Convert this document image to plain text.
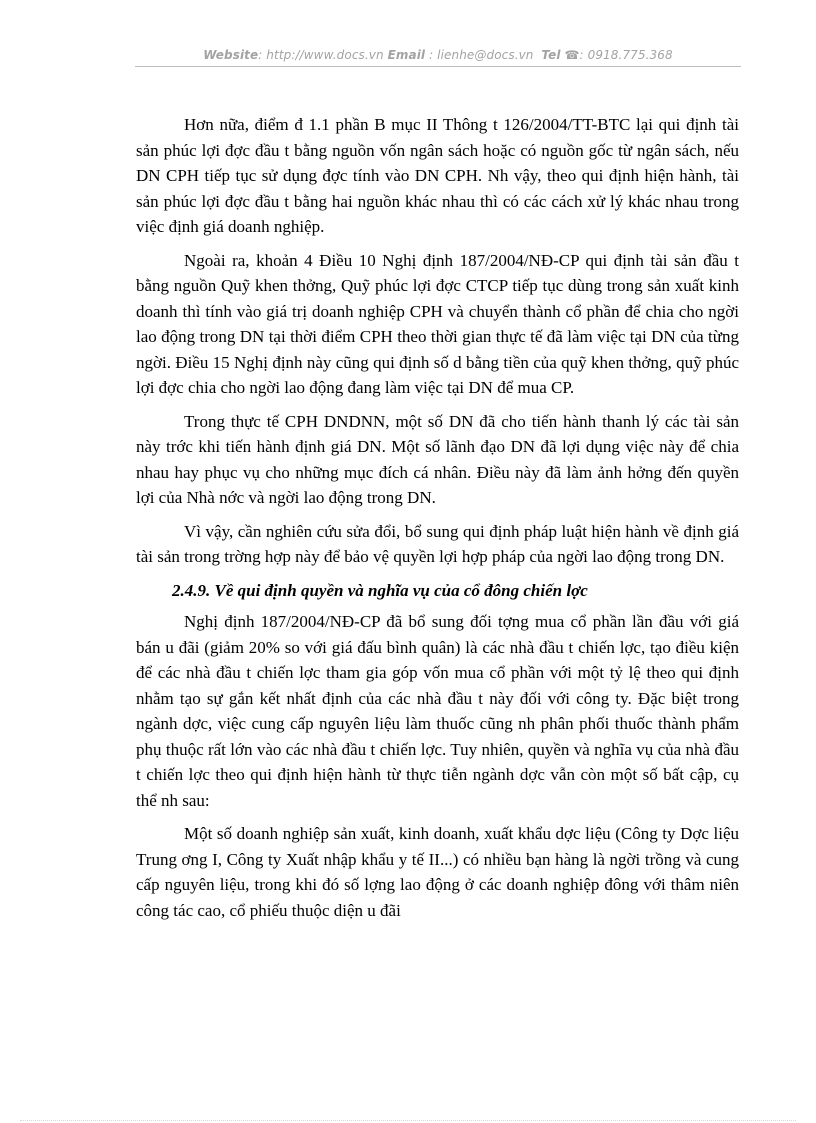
Website: http://www.docs.vn Email : lienhe@docs.vn Tel ☎: 0918.775.368

Hơn nữa, điểm đ 1.1 phần B mục II Thông t 126/2004/TT-BTC lại qui định tài sản phúc lợi đợc đầu t bằng nguồn vốn ngân sách hoặc có nguồn gốc từ ngân sách, nếu DN CPH tiếp tục sử dụng đợc tính vào DN CPH. Nh vậy, theo qui định hiện hành, tài sản phúc lợi đợc đầu t bằng hai nguồn khác nhau thì có các cách xử lý khác nhau trong việc định giá doanh nghiệp.

Ngoài ra, khoản 4 Điều 10 Nghị định 187/2004/NĐ-CP qui định tài sản đầu t bằng nguồn Quỹ khen thởng, Quỹ phúc lợi đợc CTCP tiếp tục dùng trong sản xuất kinh doanh thì tính vào giá trị doanh nghiệp CPH và chuyển thành cổ phần để chia cho ngời lao động trong DN tại thời điểm CPH theo thời gian thực tế đã làm việc tại DN của từng ngời. Điều 15 Nghị định này cũng qui định số d bằng tiền của quỹ khen thởng, quỹ phúc lợi đợc chia cho ngời lao động đang làm việc tại DN để mua CP.

Trong thực tế CPH DNDNN, một số DN đã cho tiến hành thanh lý các tài sản này trớc khi tiến hành định giá DN. Một số lãnh đạo DN đã lợi dụng việc này để chia nhau hay phục vụ cho những mục đích cá nhân. Điều này đã làm ảnh hởng đến quyền lợi của Nhà nớc và ngời lao động trong DN.

Vì vậy, cần nghiên cứu sửa đổi, bổ sung qui định pháp luật hiện hành về định giá tài sản trong trờng hợp này để bảo vệ quyền lợi hợp pháp của ngời lao động trong DN.

2.4.9. Về qui định quyền và nghĩa vụ của cổ đông chiến lợc

Nghị định 187/2004/NĐ-CP đã bổ sung đối tợng mua cổ phần lần đầu với giá bán u đãi (giảm 20% so với giá đấu bình quân) là các nhà đầu t chiến lợc, tạo điều kiện để các nhà đầu t chiến lợc tham gia góp vốn mua cổ phần với một tỷ lệ theo qui định nhằm tạo sự gắn kết nhất định của các nhà đầu t này đối với công ty. Đặc biệt trong ngành dợc, việc cung cấp nguyên liệu làm thuốc cũng nh phân phối thuốc thành phẩm phụ thuộc rất lớn vào các nhà đầu t chiến lợc. Tuy nhiên, quyền và nghĩa vụ của nhà đầu t chiến lợc theo qui định hiện hành từ thực tiễn ngành dợc vẫn còn một số bất cập, cụ thể nh sau:

Một số doanh nghiệp sản xuất, kinh doanh, xuất khẩu dợc liệu (Công ty Dợc liệu Trung ơng I, Công ty Xuất nhập khẩu y tế II...) có nhiều bạn hàng là ngời trồng và cung cấp nguyên liệu, trong khi đó số lợng lao động ở các doanh nghiệp đông với thâm niên công tác cao, cổ phiếu thuộc diện u đãi
